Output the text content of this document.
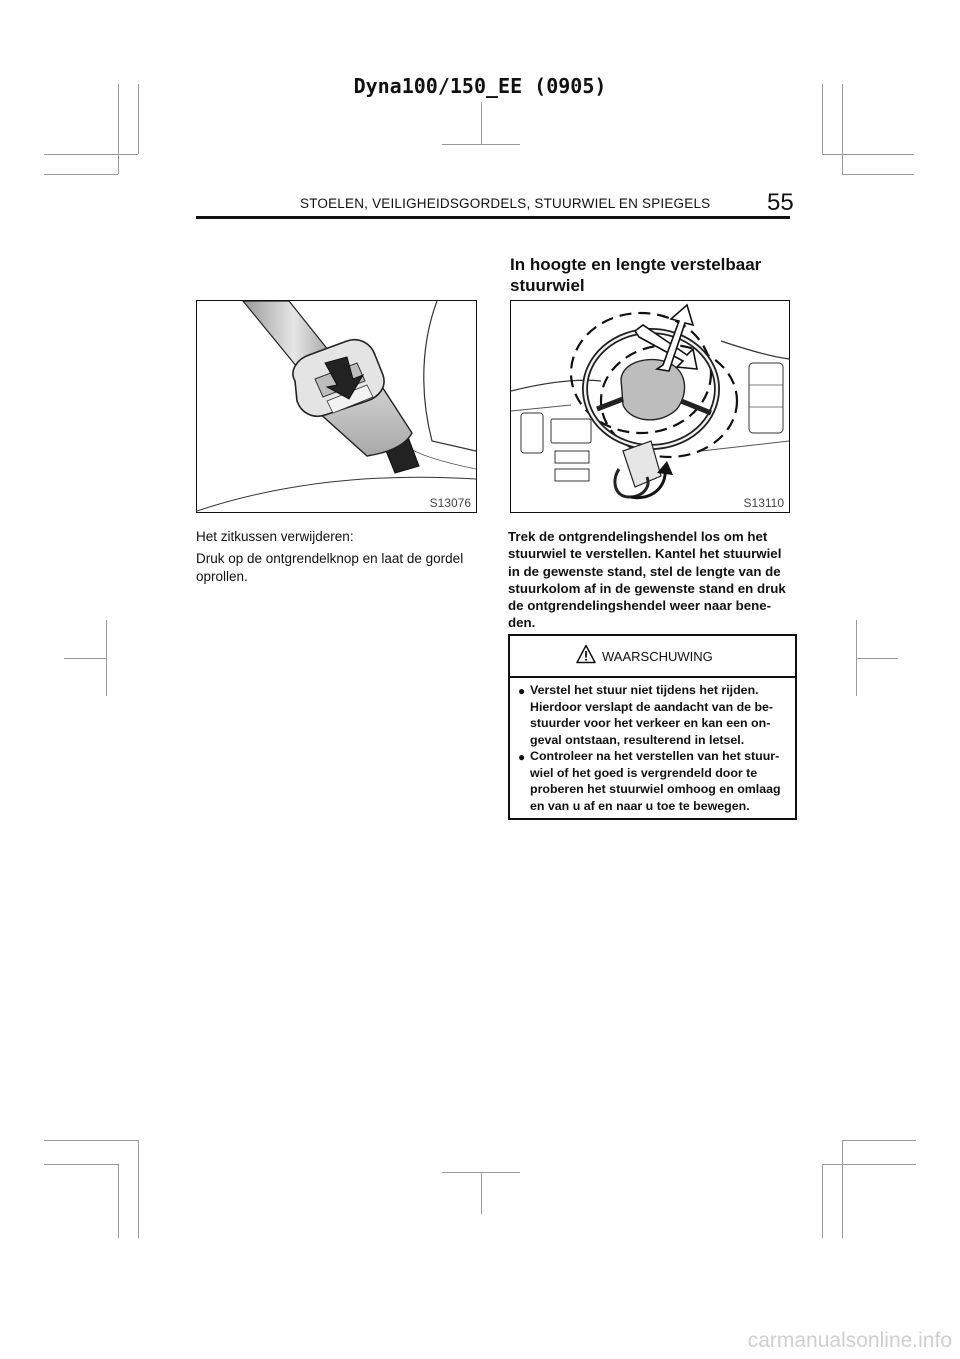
Dyna100/150_EE (0905)
STOELEN, VEILIGHEIDSGORDELS, STUURWIEL EN SPIEGELS 55
In hoogte en lengte verstelbaar
stuurwiel
S13076	S13110
Het zitkussen verwijderen:
Druk op de ontgrendelknop en laat de gordel
oprollen.
Trek de ontgrendelingshendel los om het
stuurwiel te verstellen. Kantel het stuurwiel
in de gewenste stand, stel de lengte van de
stuurkolom af in de gewenste stand en druk
de ontgrendelingshendel weer naar bene-
den.
WAARSCHUWING
● Verstel het stuur niet tijdens het rijden.
Hierdoor verslapt de aandacht van de be-
stuurder voor het verkeer en kan een on-
geval ontstaan, resulterend in letsel.
● Controleer na het verstellen van het stuur-
wiel of het goed is vergrendeld door te
proberen het stuurwiel omhoog en omlaag
en van u af en naar u toe te bewegen.
carmanualsonline.info
